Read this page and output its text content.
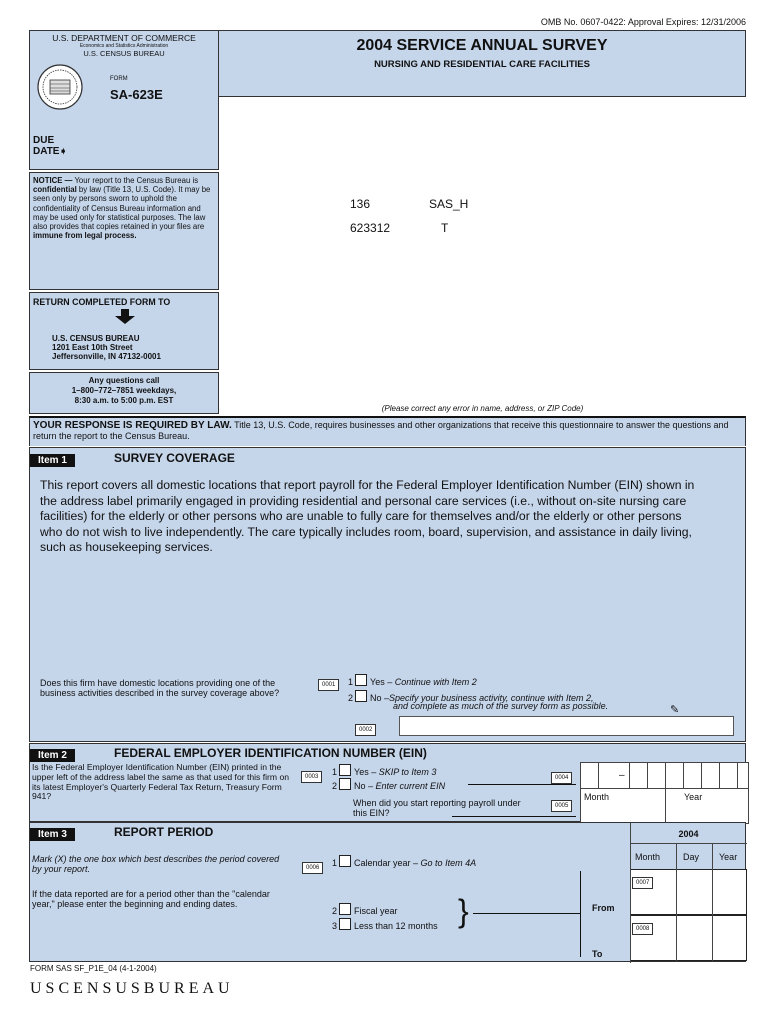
OMB No. 0607-0422: Approval Expires: 12/31/2006
U.S. DEPARTMENT OF COMMERCE
Economics and Statistics Administration
U.S. CENSUS BUREAU
FORM
SA-623E
DUE
DATE➧
2004 SERVICE ANNUAL SURVEY
NURSING AND RESIDENTIAL CARE FACILITIES
NOTICE — Your report to the Census Bureau is confidential by law (Title 13, U.S. Code). It may be seen only by persons sworn to uphold the confidentiality of Census Bureau information and may be used only for statistical purposes. The law also provides that copies retained in your files are immune from legal process.
RETURN COMPLETED FORM TO
U.S. CENSUS BUREAU
1201 East 10th Street
Jeffersonville, IN 47132-0001
Any questions call
1–800–772–7851 weekdays,
8:30 a.m. to 5:00 p.m. EST
136	SAS_H
623312	T
(Please correct any error in name, address, or ZIP Code)
YOUR RESPONSE IS REQUIRED BY LAW. Title 13, U.S. Code, requires businesses and other organizations that receive this questionnaire to answer the questions and return the report to the Census Bureau.
Item 1	SURVEY COVERAGE
This report covers all domestic locations that report payroll for the Federal Employer Identification Number (EIN) shown in the address label primarily engaged in providing residential and personal care services (i.e., without on-site nursing care facilities) for the elderly or other persons who are unable to fully care for themselves and/or the elderly or other persons who do not wish to live independently. The care typically includes room, board, supervision, and assistance in daily living, such as housekeeping services.
Does this firm have domestic locations providing one of the business activities described in the survey coverage above?
0001	1 Yes – Continue with Item 2
2 No –Specify your business activity, continue with Item 2,
and complete as much of the survey form as possible.	✎
0002
Item 2	FEDERAL EMPLOYER IDENTIFICATION NUMBER (EIN)
Is the Federal Employer Identification Number (EIN) printed in the upper left of the address label the same as that used for this firm on its latest Employer's Quarterly Federal Tax Return, Treasury Form 941?
0003	1 Yes – SKIP to Item 3
2 No – Enter current EIN
When did you start reporting payroll under this EIN?
0004
0005
–
Month	Year
Item 3	REPORT PERIOD
Mark (X) the one box which best describes the period covered by your report.
If the data reported are for a period other than the "calendar year," please enter the beginning and ending dates.
0006	1 Calendar year – Go to Item 4A
2 Fiscal year
3 Less than 12 months }	From
To
2004
Month	Day Year
0007
0008
FORM SAS SF_P1E_04 (4-1-2004)
USCENSUSBUREAU
